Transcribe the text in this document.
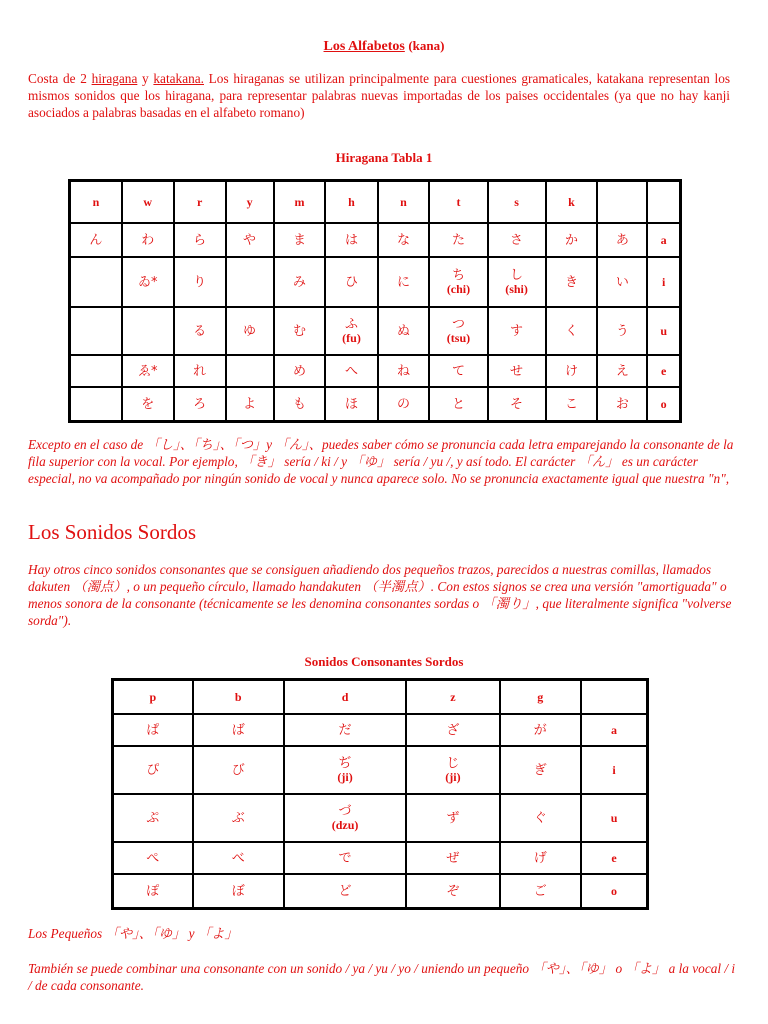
Los Alfabetos (kana)
Costa de 2 hiragana y katakana. Los hiraganas se utilizan principalmente para cuestiones gramaticales, katakana representan los mismos sonidos que los hiragana, para representar palabras nuevas importadas de los paises occidentales (ya que no hay kanji asociados a palabras basadas en el alfabeto romano)
Hiragana Tabla 1
n	w	r	y	m	h	n	t	s	k		

ん	わ	ら	や	ま	は	な	た	さ	か	あ	a

	ゐ*	り		み	ひ	に	ち
(chi)	し
(shi)	き	い	i

		る	ゆ	む	ふ
(fu)	ぬ	つ
(tsu)	す	く	う	u

	ゑ*	れ		め	へ	ね	て	せ	け	え	e

	を	ろ	よ	も	ほ	の	と	そ	こ	お	o
Excepto en el caso de 「し」、「ち」、「つ」y 「ん」、puedes saber cómo se pronuncia cada letra emparejando la consonante de la fila superior con la vocal. Por ejemplo, 「き」 sería / ki / y 「ゆ」 sería / yu /, y así todo. El carácter 「ん」 es un carácter especial, no va acompañado por ningún sonido de vocal y nunca aparece solo. No se pronuncia exactamente igual que nuestra "n",
Los Sonidos Sordos
Hay otros cinco sonidos consonantes que se consiguen añadiendo dos pequeños trazos, parecidos a nuestras comillas, llamados dakuten （濁点）, o un pequeño círculo, llamado handakuten （半濁点）. Con estos signos se crea una versión "amortiguada" o menos sonora de la consonante (técnicamente se les denomina consonantes sordas o 「濁り」, que literalmente significa "volverse sorda").
Sonidos Consonantes Sordos
p	b	d	z	g	

ぱ	ば	だ	ざ	が	a

ぴ	び	ぢ
(ji)	じ
(ji)	ぎ	i

ぷ	ぶ	づ
(dzu)	ず	ぐ	u

ぺ	べ	で	ぜ	げ	e

ぽ	ぼ	ど	ぞ	ご	o
Los Pequeños 「や」、「ゆ」 y 「よ」
También se puede combinar una consonante con un sonido / ya / yu / yo / uniendo un pequeño 「や」、「ゆ」 o 「よ」 a la vocal / i / de cada consonante.
